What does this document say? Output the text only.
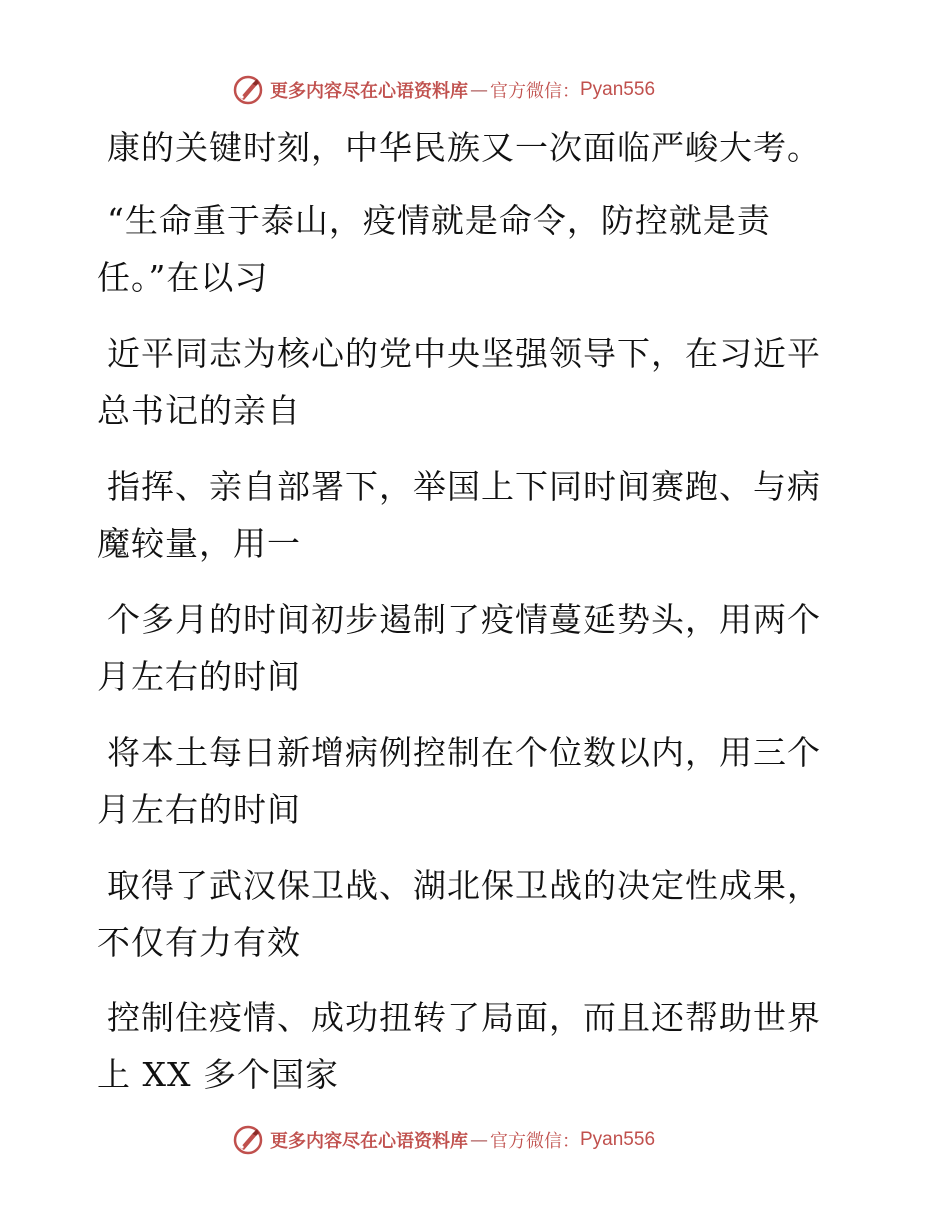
更多内容尽在心语资料库 — 官方微信： Pyan556
康的关键时刻，中华民族又一次面临严峻大考。
“生命重于泰山，疫情就是命令，防控就是责
任。”在以习
近平同志为核心的党中央坚强领导下，在习近平
总书记的亲自
指挥、亲自部署下，举国上下同时间赛跑、与病
魔较量，用一
个多月的时间初步遏制了疫情蔓延势头，用两个
月左右的时间
将本土每日新增病例控制在个位数以内，用三个
月左右的时间
取得了武汉保卫战、湖北保卫战的决定性成果，
不仅有力有效
控制住疫情、成功扭转了局面，而且还帮助世界
上 XX 多个国家
更多内容尽在心语资料库 — 官方微信： Pyan556
